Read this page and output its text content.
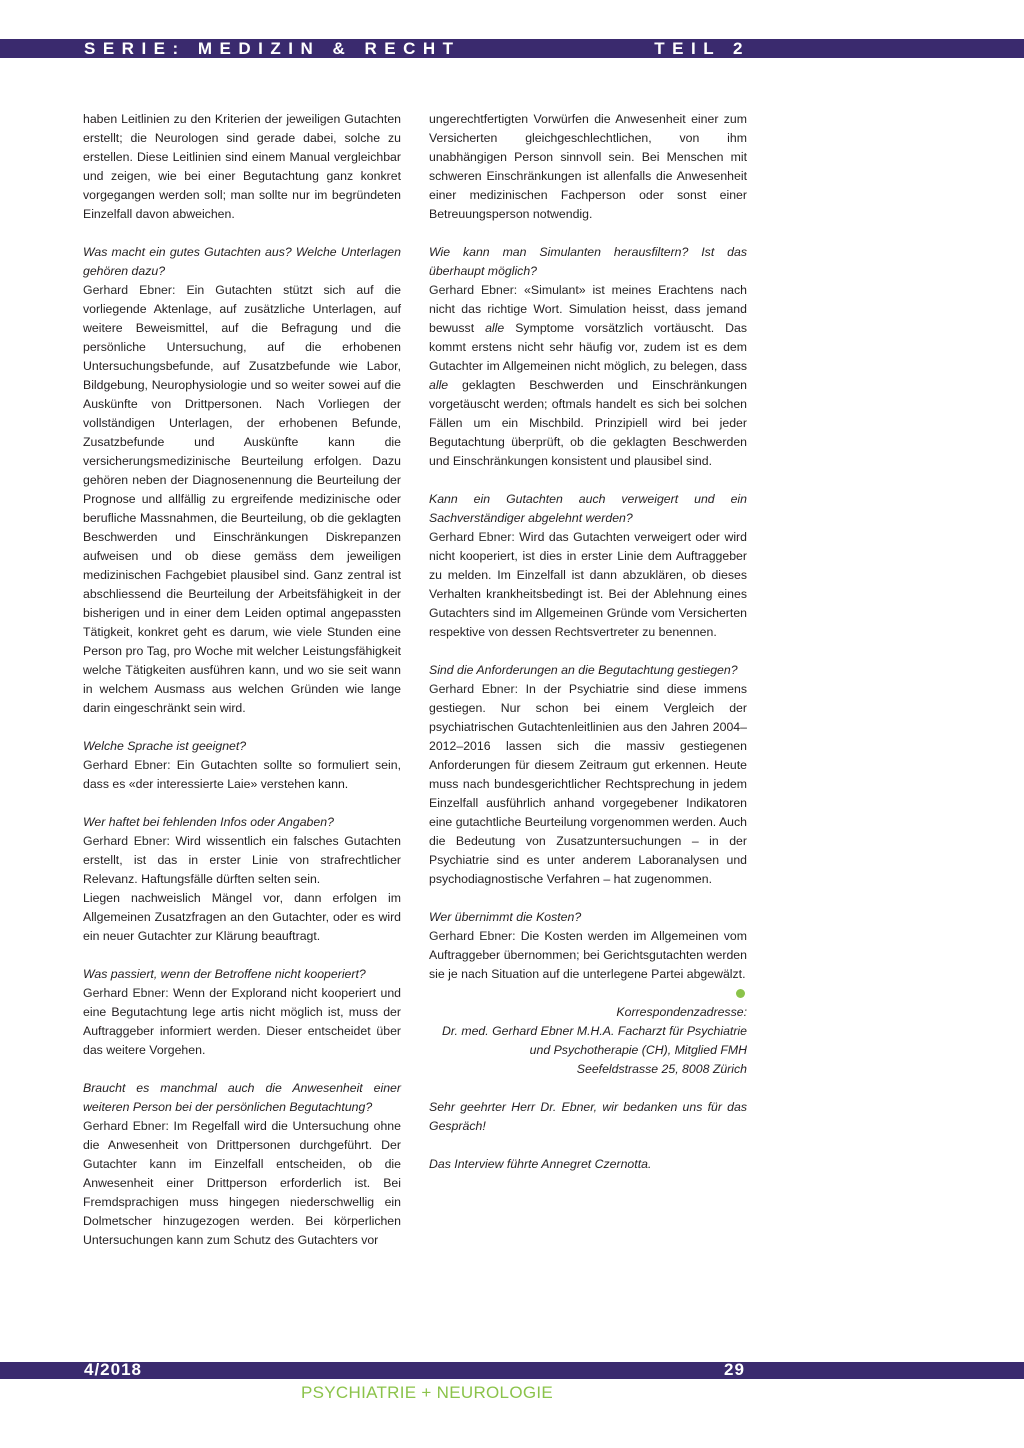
SERIE: MEDIZIN & RECHT	TEIL 2

haben Leitlinien zu den Kriterien der jeweiligen Gutachten erstellt; die Neurologen sind gerade dabei, solche zu erstellen. Diese Leitlinien sind einem Manual vergleichbar und zeigen, wie bei einer Begutachtung ganz konkret vorgegangen werden soll; man sollte nur im begründeten Einzelfall davon abweichen.

Was macht ein gutes Gutachten aus? Welche Unterlagen gehören dazu?

Gerhard Ebner: Ein Gutachten stützt sich auf die vorliegende Aktenlage, auf zusätzliche Unterlagen, auf weitere Beweismittel, auf die Befragung und die persönliche Untersuchung, auf die erhobenen Untersuchungsbefunde, auf Zusatzbefunde wie Labor, Bildgebung, Neurophysiologie und so weiter sowei auf die Auskünfte von Drittpersonen. Nach Vorliegen der vollständigen Unterlagen, der erhobenen Befunde, Zusatzbefunde und Auskünfte kann die versicherungsmedizinische Beurteilung erfolgen. Dazu gehören neben der Diagnosenennung die Beurteilung der Prognose und allfällig zu ergreifende medizinische oder berufliche Massnahmen, die Beurteilung, ob die geklagten Beschwerden und Einschränkungen Diskrepanzen aufweisen und ob diese gemäss dem jeweiligen medizinischen Fachgebiet plausibel sind. Ganz zentral ist abschliessend die Beurteilung der Arbeitsfähigkeit in der bisherigen und in einer dem Leiden optimal angepassten Tätigkeit, konkret geht es darum, wie viele Stunden eine Person pro Tag, pro Woche mit welcher Leistungsfähigkeit welche Tätigkeiten ausführen kann, und wo sie seit wann in welchem Ausmass aus welchen Gründen wie lange darin eingeschränkt sein wird.

Welche Sprache ist geeignet?

Gerhard Ebner: Ein Gutachten sollte so formuliert sein, dass es «der interessierte Laie» verstehen kann.

Wer haftet bei fehlenden Infos oder Angaben?

Gerhard Ebner: Wird wissentlich ein falsches Gutachten erstellt, ist das in erster Linie von strafrechtlicher Relevanz. Haftungsfälle dürften selten sein.

Liegen nachweislich Mängel vor, dann erfolgen im Allgemeinen Zusatzfragen an den Gutachter, oder es wird ein neuer Gutachter zur Klärung beauftragt.

Was passiert, wenn der Betroffene nicht kooperiert?

Gerhard Ebner: Wenn der Explorand nicht kooperiert und eine Begutachtung lege artis nicht möglich ist, muss der Auftraggeber informiert werden. Dieser entscheidet über das weitere Vorgehen.

Braucht es manchmal auch die Anwesenheit einer weiteren Person bei der persönlichen Begutachtung?

Gerhard Ebner: Im Regelfall wird die Untersuchung ohne die Anwesenheit von Drittpersonen durchgeführt. Der Gutachter kann im Einzelfall entscheiden, ob die Anwesenheit einer Drittperson erforderlich ist. Bei Fremdsprachigen muss hingegen niederschwellig ein Dolmetscher hinzugezogen werden. Bei körperlichen Untersuchungen kann zum Schutz des Gutachters vor

ungerechtfertigten Vorwürfen die Anwesenheit einer zum Versicherten gleichgeschlechtlichen, von ihm unabhängigen Person sinnvoll sein. Bei Menschen mit schweren Einschränkungen ist allenfalls die Anwesenheit einer medizinischen Fachperson oder sonst einer Betreuungsperson notwendig.

Wie kann man Simulanten herausfiltern? Ist das überhaupt möglich?

Gerhard Ebner: «Simulant» ist meines Erachtens nach nicht das richtige Wort. Simulation heisst, dass jemand bewusst alle Symptome vorsätzlich vortäuscht. Das kommt erstens nicht sehr häufig vor, zudem ist es dem Gutachter im Allgemeinen nicht möglich, zu belegen, dass alle geklagten Beschwerden und Einschränkungen vorgetäuscht werden; oftmals handelt es sich bei solchen Fällen um ein Mischbild. Prinzipiell wird bei jeder Begutachtung überprüft, ob die geklagten Beschwerden und Einschränkungen konsistent und plausibel sind.

Kann ein Gutachten auch verweigert und ein Sachverständiger abgelehnt werden?

Gerhard Ebner: Wird das Gutachten verweigert oder wird nicht kooperiert, ist dies in erster Linie dem Auftraggeber zu melden. Im Einzelfall ist dann abzuklären, ob dieses Verhalten krankheitsbedingt ist. Bei der Ablehnung eines Gutachters sind im Allgemeinen Gründe vom Versicherten respektive von dessen Rechtsvertreter zu benennen.

Sind die Anforderungen an die Begutachtung gestiegen?

Gerhard Ebner: In der Psychiatrie sind diese immens gestiegen. Nur schon bei einem Vergleich der psychiatrischen Gutachtenleitlinien aus den Jahren 2004–2012–2016 lassen sich die massiv gestiegenen Anforderungen für diesem Zeitraum gut erkennen. Heute muss nach bundesgerichtlicher Rechtsprechung in jedem Einzelfall ausführlich anhand vorgegebener Indikatoren eine gutachtliche Beurteilung vorgenommen werden. Auch die Bedeutung von Zusatzuntersuchungen – in der Psychiatrie sind es unter anderem Laboranalysen und psychodiagnostische Verfahren – hat zugenommen.

Wer übernimmt die Kosten?

Gerhard Ebner: Die Kosten werden im Allgemeinen vom Auftraggeber übernommen; bei Gerichtsgutachten werden sie je nach Situation auf die unterlegene Partei abgewälzt.

Korrespondenzadresse:

Dr. med. Gerhard Ebner M.H.A. Facharzt für Psychiatrie

und Psychotherapie (CH), Mitglied FMH

Seefeldstrasse 25, 8008 Zürich

Sehr geehrter Herr Dr. Ebner, wir bedanken uns für das Gespräch!

Das Interview führte Annegret Czernotta.

4/2018	29
PSYCHIATRIE + NEUROLOGIE
